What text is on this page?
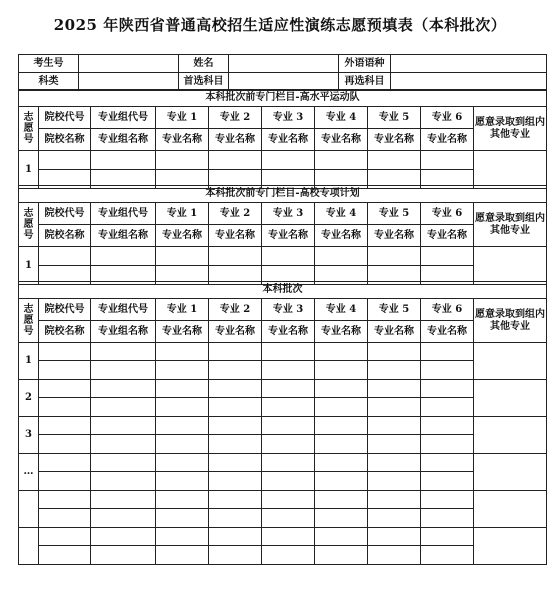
2025 年陕西省普通高校招生适应性演练志愿预填表（本科批次）
考生号		姓名		外语语种	
科类		首选科目		再选科目	
本科批次前专门栏目-高水平运动队									
志愿号	院校代号	专业组代号	专业 1	专业 2	专业 3	专业 4	专业 5	专业 6	愿意录取到组内其他专业
	院校名称	专业组名称	专业名称	专业名称	专业名称	专业名称	专业名称	专业名称	
1									

本科批次前专门栏目-高校专项计划									
志愿号	院校代号	专业组代号	专业 1	专业 2	专业 3	专业 4	专业 5	专业 6	愿意录取到组内其他专业
	院校名称	专业组名称	专业名称	专业名称	专业名称	专业名称	专业名称	专业名称	
1									

本科批次									
志愿号	院校代号	专业组代号	专业 1	专业 2	专业 3	专业 4	专业 5	专业 6	愿意录取到组内其他专业
	院校名称	专业组名称	专业名称	专业名称	专业名称	专业名称	专业名称	专业名称	
1									

2									

3									

…									
